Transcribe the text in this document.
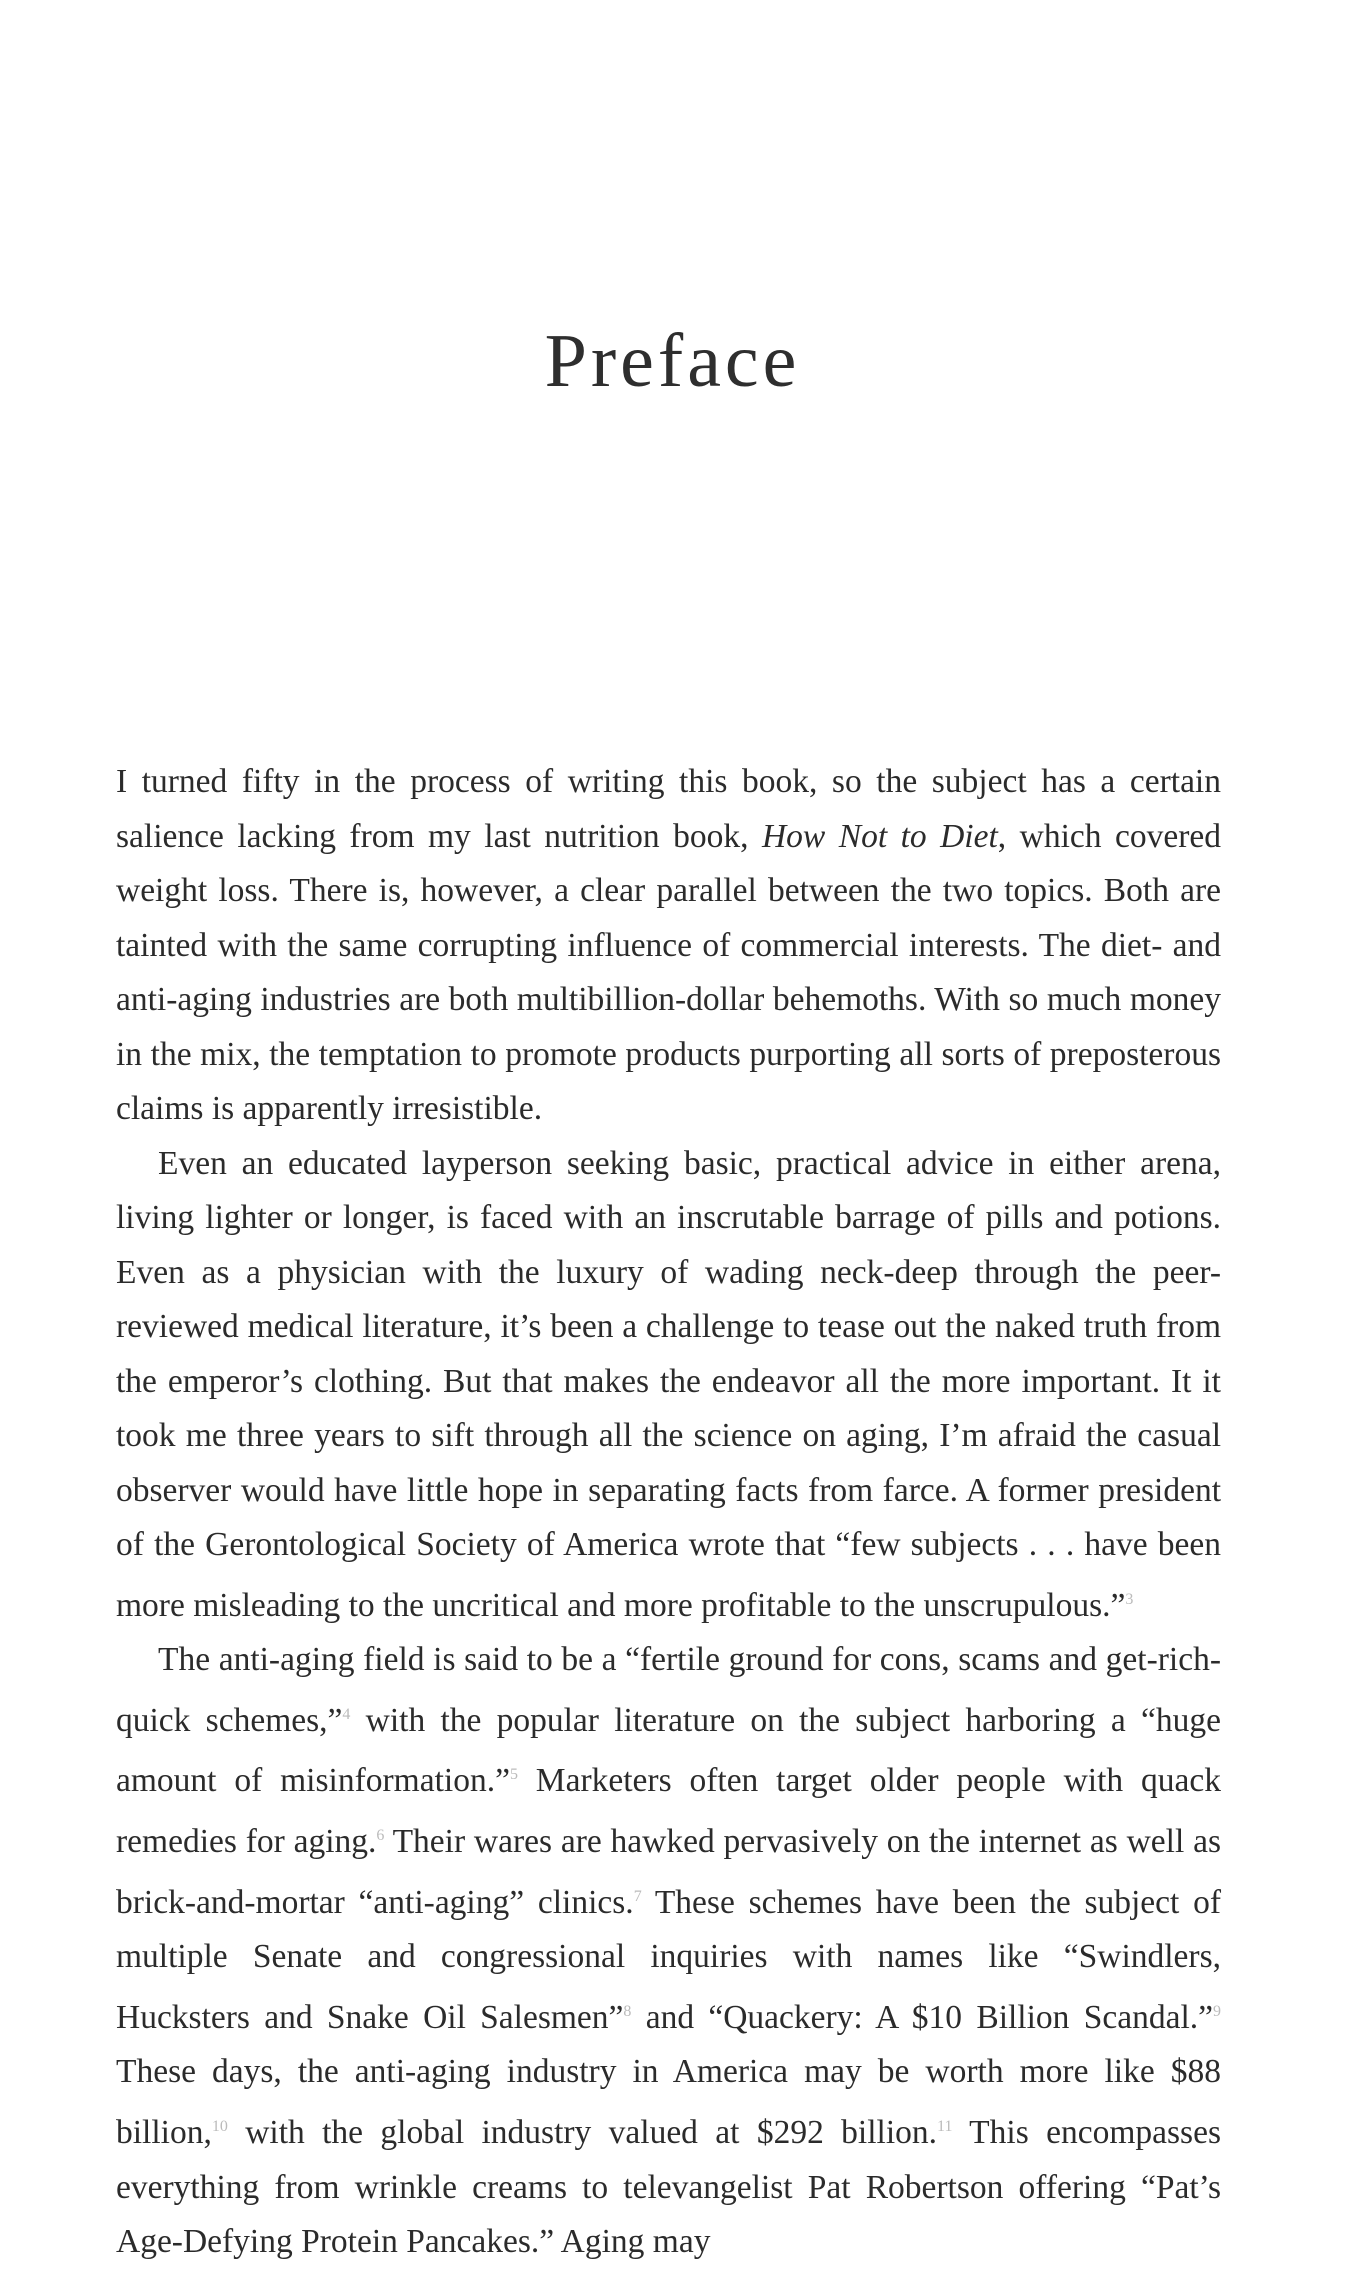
Preface

I turned fifty in the process of writing this book, so the subject has a certain salience lacking from my last nutrition book, How Not to Diet, which covered weight loss. There is, however, a clear parallel between the two topics. Both are tainted with the same corrupting influence of commercial interests. The diet- and anti-aging industries are both multibillion-dollar behemoths. With so much money in the mix, the temptation to promote products purporting all sorts of preposterous claims is apparently irresistible.

Even an educated layperson seeking basic, practical advice in either arena, living lighter or longer, is faced with an inscrutable barrage of pills and potions. Even as a physician with the luxury of wading neck-deep through the peer-reviewed medical literature, it’s been a challenge to tease out the naked truth from the emperor’s clothing. But that makes the endeavor all the more important. It it took me three years to sift through all the science on aging, I’m afraid the casual observer would have little hope in separating facts from farce. A former president of the Gerontological Society of America wrote that “few subjects . . . have been more misleading to the uncritical and more profitable to the unscrupulous.”$^3$

The anti-aging field is said to be a “fertile ground for cons, scams and get-rich-quick schemes,”$^4$ with the popular literature on the subject harboring a “huge amount of misinformation.”$^5$ Marketers often target older people with quack remedies for aging.$^6$ Their wares are hawked pervasively on the internet as well as brick-and-mortar “anti-aging” clinics.$^7$ These schemes have been the subject of multiple Senate and congressional inquiries with names like “Swindlers, Hucksters and Snake Oil Salesmen”$^8$ and “Quackery: A $10 Billion Scandal.”$^9$ These days, the anti-aging industry in America may be worth more like $88 billion,$^{10}$ with the global industry valued at $292 billion.$^{11}$ This encompasses everything from wrinkle creams to televangelist Pat Robertson offering “Pat’s Age-Defying Protein Pancakes.” Aging may
